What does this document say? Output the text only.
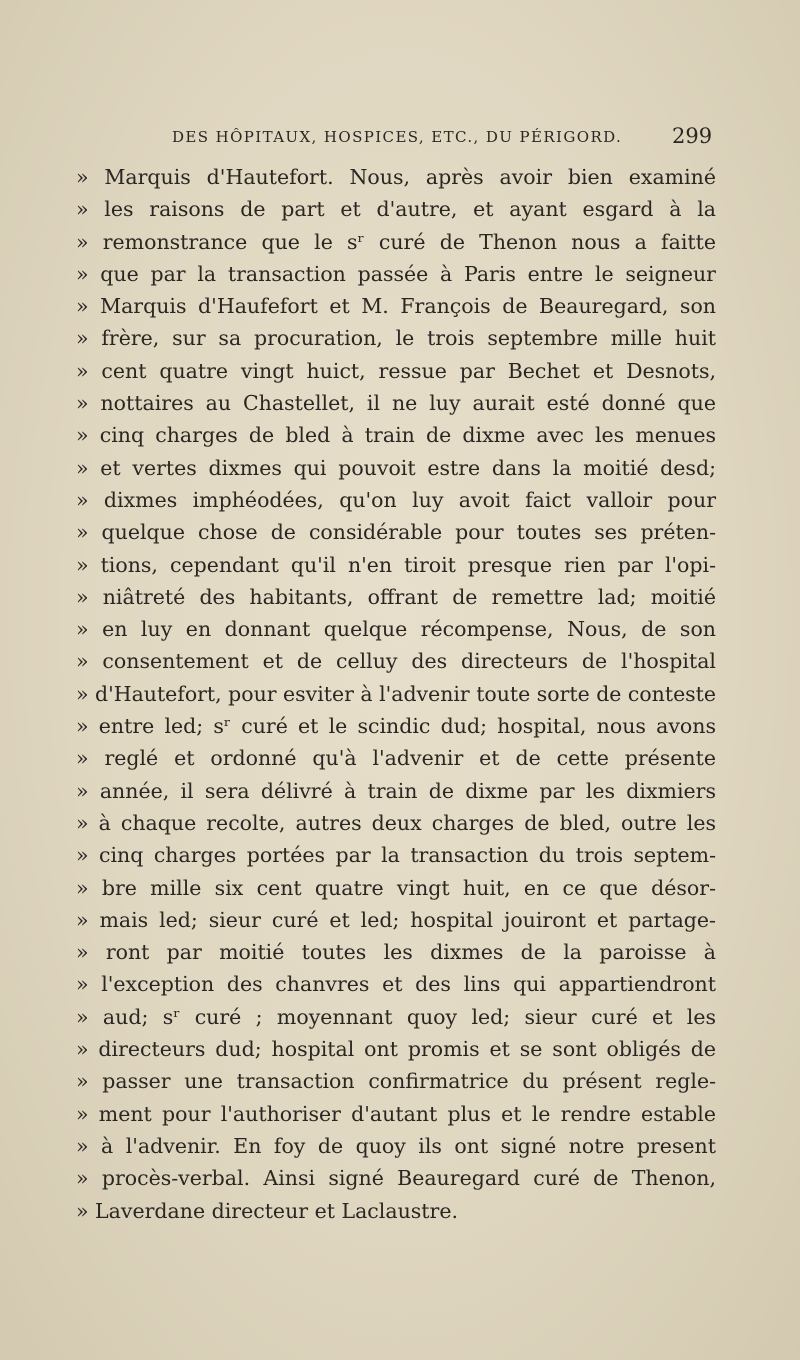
DES HÔPITAUX, HOSPICES, ETC., DU PÉRIGORD. 299
» Marquis d'Hautefort. Nous, après avoir bien examiné
» les raisons de part et d'autre, et ayant esgard à la
» remonstrance que le sʳ curé de Thenon nous a faitte
» que par la transaction passée à Paris entre le seigneur
» Marquis d'Haufefort et M. François de Beauregard, son
» frère, sur sa procuration, le trois septembre mille huit
» cent quatre vingt huict, ressue par Bechet et Desnots,
» nottaires au Chastellet, il ne luy aurait esté donné que
» cinq charges de bled à train de dixme avec les menues
» et vertes dixmes qui pouvoit estre dans la moitié desd;
» dixmes imphéodées, qu'on luy avoit faict valloir pour
» quelque chose de considérable pour toutes ses préten-
» tions, cependant qu'il n'en tiroit presque rien par l'opi-
» niâtreté des habitants, offrant de remettre lad; moitié
» en luy en donnant quelque récompense, Nous, de son
» consentement et de celluy des directeurs de l'hospital
» d'Hautefort, pour esviter à l'advenir toute sorte de conteste
» entre led; sʳ curé et le scindic dud; hospital, nous avons
» reglé et ordonné qu'à l'advenir et de cette présente
» année, il sera délivré à train de dixme par les dixmiers
» à chaque recolte, autres deux charges de bled, outre les
» cinq charges portées par la transaction du trois septem-
» bre mille six cent quatre vingt huit, en ce que désor-
» mais led; sieur curé et led; hospital jouiront et partage-
» ront par moitié toutes les dixmes de la paroisse à
» l'exception des chanvres et des lins qui appartiendront
» aud; sʳ curé ; moyennant quoy led; sieur curé et les
» directeurs dud; hospital ont promis et se sont obligés de
» passer une transaction confirmatrice du présent regle-
» ment pour l'authoriser d'autant plus et le rendre estable
» à l'advenir. En foy de quoy ils ont signé notre present
» procès-verbal. Ainsi signé Beauregard curé de Thenon,
» Laverdane directeur et Laclaustre.
